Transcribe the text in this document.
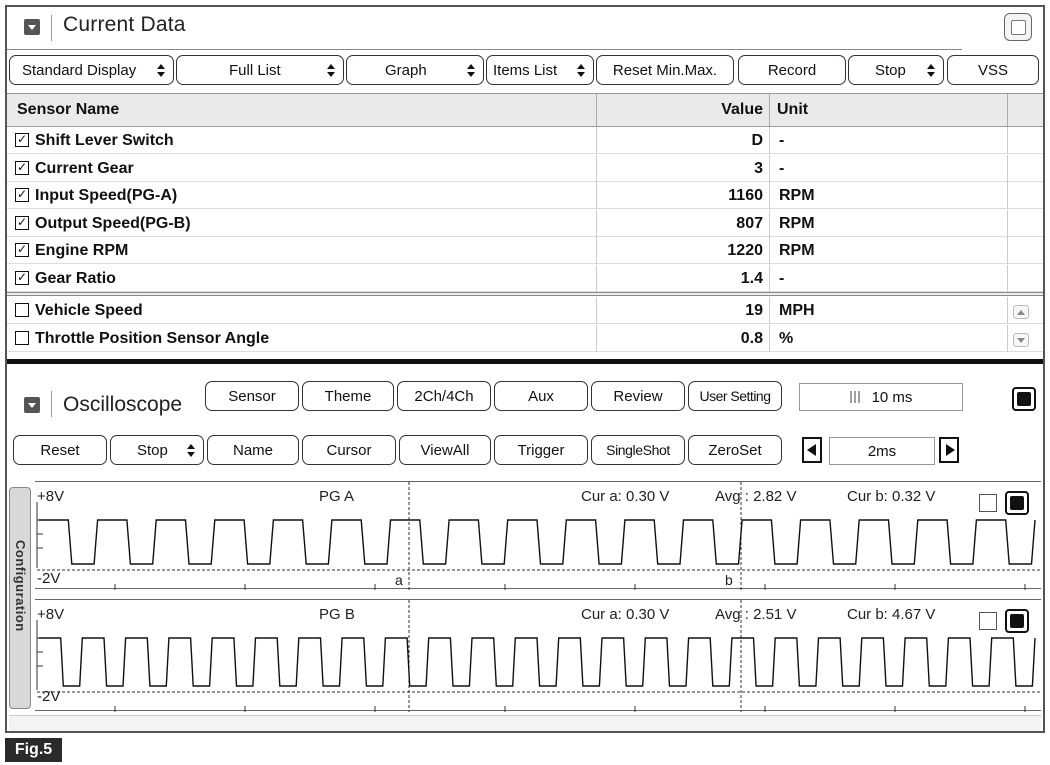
Current Data
Standard Display	Full List	Graph	Items List	Reset Min.Max.	Record	Stop	VSS
Sensor Name	Value Unit
✓ Shift Lever Switch	D -
✓ Current Gear	3 -
✓ Input Speed(PG-A)	1160 RPM
✓ Output Speed(PG-B)	807 RPM
✓ Engine RPM	1220 RPM
✓ Gear Ratio	1.4 -
Vehicle Speed	19 MPH
Throttle Position Sensor Angle	0.8 %
Oscilloscope	Sensor	Theme	2Ch/4Ch	Aux	Review	User Setting	10 ms
Reset	Stop	Name	Cursor	ViewAll	Trigger	SingleShot	ZeroSet	2ms
Configuration
+8V	PG A	Cur a: 0.30 V	Avg : 2.82 V	Cur b: 0.32 V
-2V	a	b
+8V	PG B	Cur a: 0.30 V	Avg : 2.51 V	Cur b: 4.67 V
-2V
Fig.5
